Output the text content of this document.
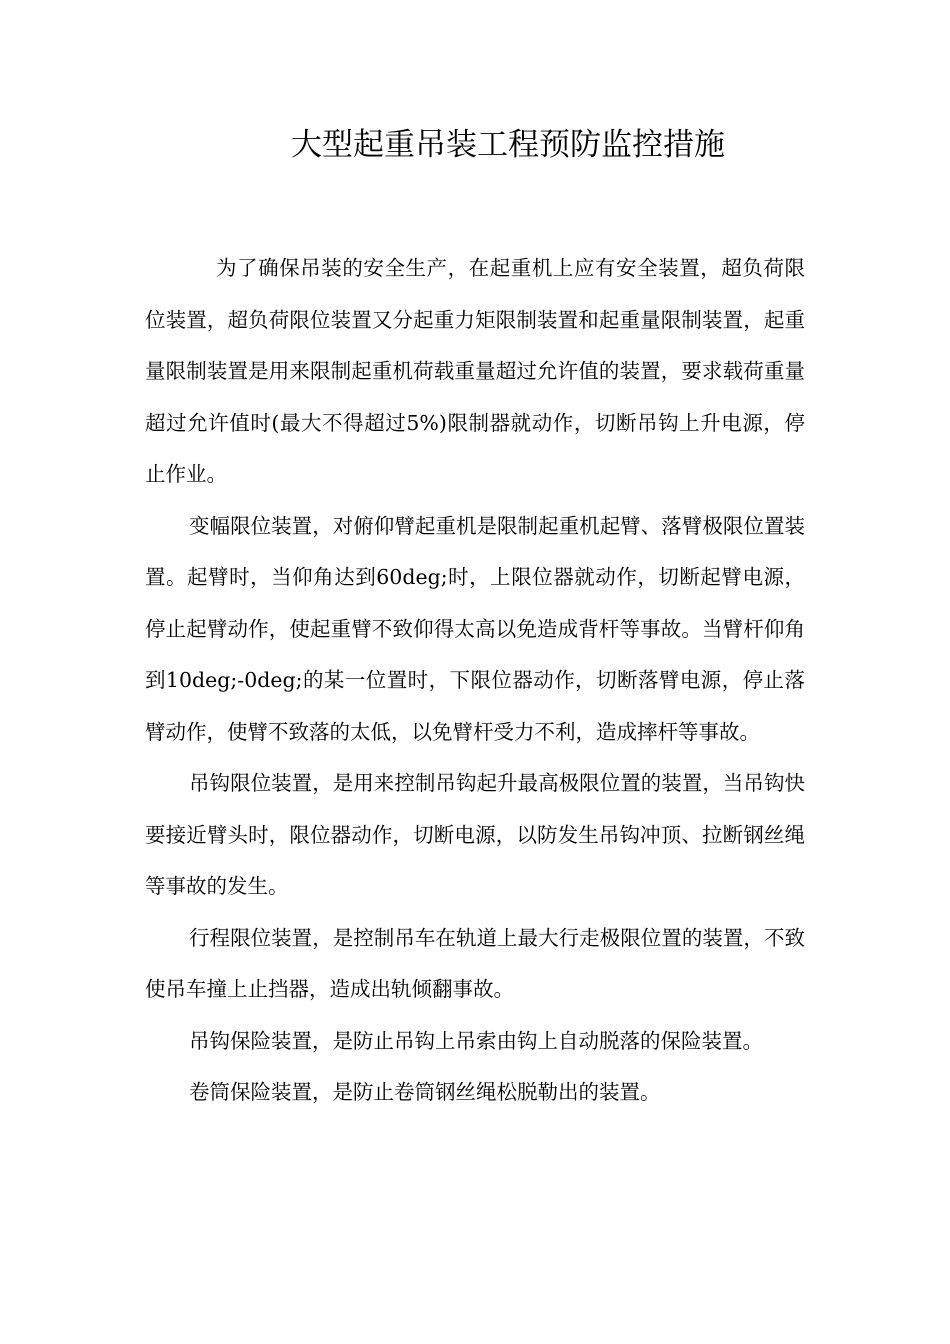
大型起重吊装工程预防监控措施

为了确保吊装的安全生产，在起重机上应有安全装置，超负荷限位装置，超负荷限位装置又分起重力矩限制装置和起重量限制装置，起重量限制装置是用来限制起重机荷载重量超过允许值的装置，要求载荷重量超过允许值时(最大不得超过5%)限制器就动作，切断吊钩上升电源，停止作业。

变幅限位装置，对俯仰臂起重机是限制起重机起臂、落臂极限位置装置。起臂时，当仰角达到60deg;时，上限位器就动作，切断起臂电源，停止起臂动作，使起重臂不致仰得太高以免造成背杆等事故。当臂杆仰角到10deg;-0deg;的某一位置时，下限位器动作，切断落臂电源，停止落臂动作，使臂不致落的太低，以免臂杆受力不利，造成摔杆等事故。

吊钩限位装置，是用来控制吊钩起升最高极限位置的装置，当吊钩快要接近臂头时，限位器动作，切断电源，以防发生吊钩冲顶、拉断钢丝绳等事故的发生。

行程限位装置，是控制吊车在轨道上最大行走极限位置的装置，不致使吊车撞上止挡器，造成出轨倾翻事故。

吊钩保险装置，是防止吊钩上吊索由钩上自动脱落的保险装置。

卷筒保险装置，是防止卷筒钢丝绳松脱勒出的装置。
